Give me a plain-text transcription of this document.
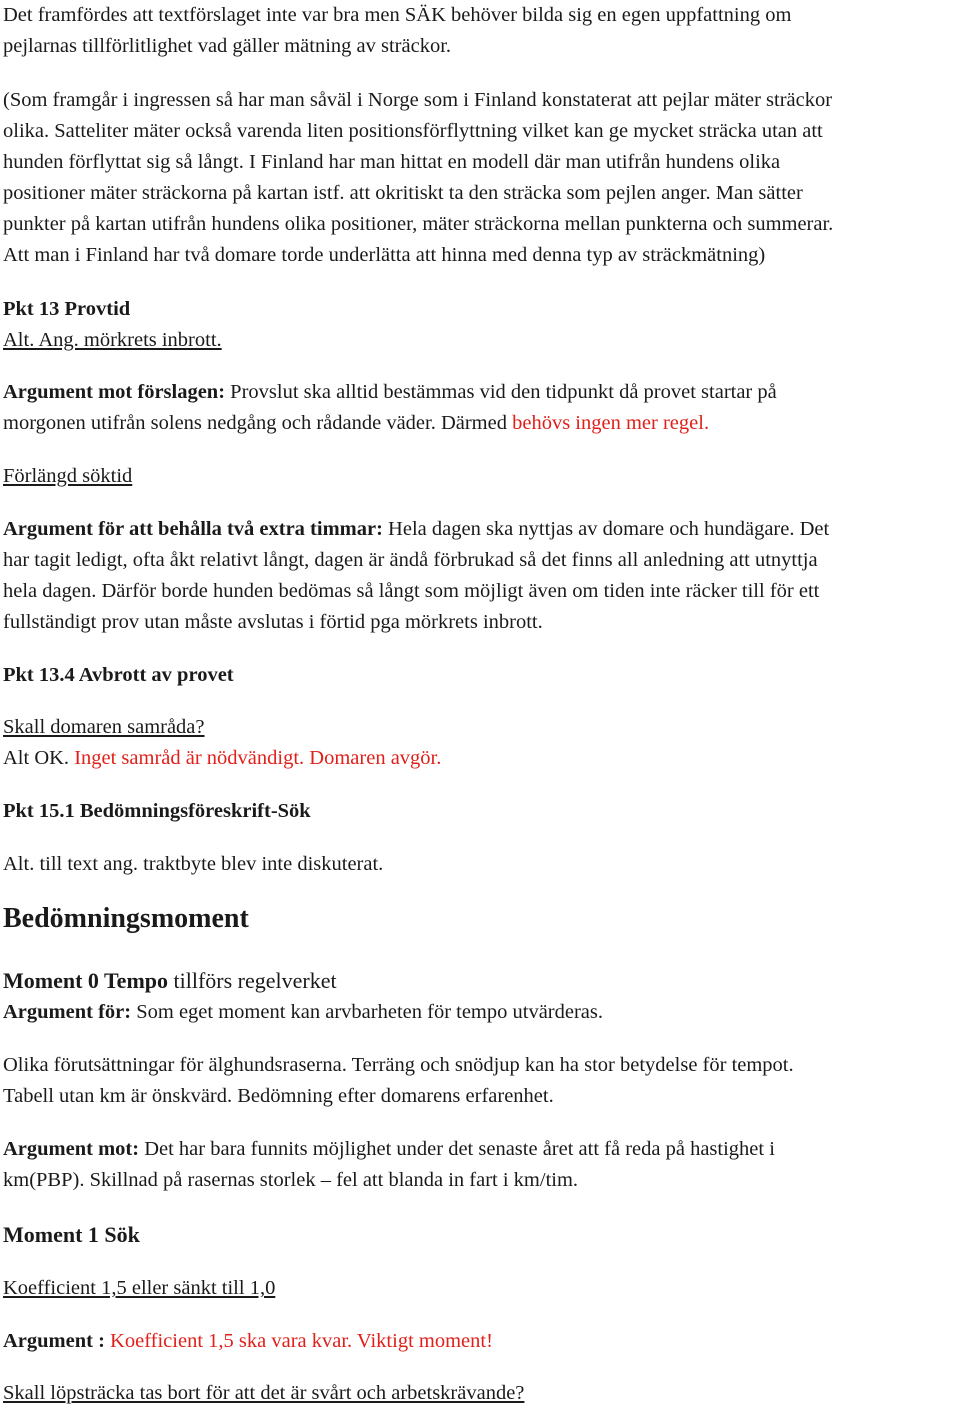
Det framfördes att textförslaget inte var bra men SÄK behöver bilda sig en egen uppfattning om
pejlarnas tillförlitlighet vad gäller mätning av sträckor.

(Som framgår i ingressen så har man såväl i Norge som i Finland konstaterat att pejlar mäter sträckor
olika. Satteliter mäter också varenda liten positionsförflyttning vilket kan ge mycket sträcka utan att
hunden förflyttat sig så långt. I Finland har man hittat en modell där man utifrån hundens olika
positioner mäter sträckorna på kartan istf. att okritiskt ta den sträcka som pejlen anger. Man sätter
punkter på kartan utifrån hundens olika positioner, mäter sträckorna mellan punkterna och summerar.
Att man i Finland har två domare torde underlätta att hinna med denna typ av sträckmätning)

Pkt 13 Provtid

Alt. Ang. mörkrets inbrott.

Argument mot förslagen: Provslut ska alltid bestämmas vid den tidpunkt då provet startar på
morgonen utifrån solens nedgång och rådande väder. Därmed behövs ingen mer regel.

Förlängd söktid

Argument för att behålla två extra timmar: Hela dagen ska nyttjas av domare och hundägare. Det
har tagit ledigt, ofta åkt relativt långt, dagen är ändå förbrukad så det finns all anledning att utnyttja
hela dagen. Därför borde hunden bedömas så långt som möjligt även om tiden inte räcker till för ett
fullständigt prov utan måste avslutas i förtid pga mörkrets inbrott.

Pkt 13.4 Avbrott av provet

Skall domaren samråda?

Alt OK. Inget samråd är nödvändigt. Domaren avgör.

Pkt 15.1 Bedömningsföreskrift-Sök

Alt. till text ang. traktbyte blev inte diskuterat.

Bedömningsmoment

Moment 0 Tempo tillförs regelverket

Argument för: Som eget moment kan arvbarheten för tempo utvärderas.

Olika förutsättningar för älghundsraserna. Terräng och snödjup kan ha stor betydelse för tempot.
Tabell utan km är önskvärd. Bedömning efter domarens erfarenhet.

Argument mot: Det har bara funnits möjlighet under det senaste året att få reda på hastighet i
km(PBP). Skillnad på rasernas storlek – fel att blanda in fart i km/tim.

Moment 1 Sök

Koefficient 1,5 eller sänkt till 1,0

Argument : Koefficient 1,5 ska vara kvar. Viktigt moment!

Skall löpsträcka tas bort för att det är svårt och arbetskrävande?
